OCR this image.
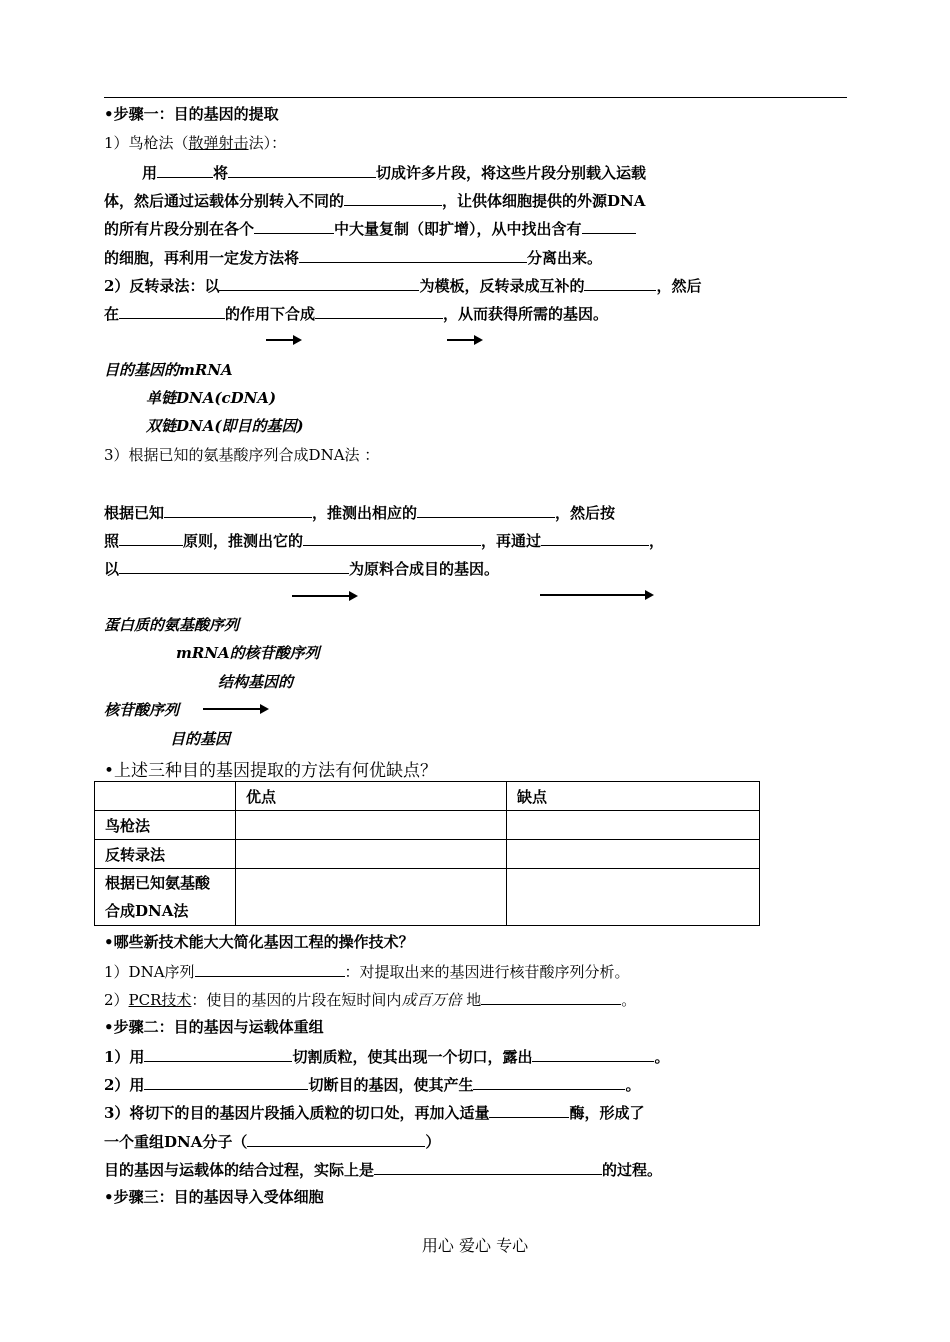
•步骤一：目的基因的提取
1）鸟枪法（散弹射击法）：
用	将	切成许多片段，将这些片段分别载入运载
体，然后通过运载体分别转入不同的	，让供体细胞提供的外源DNA
的所有片段分别在各个	中大量复制（即扩增），从中找出含有
的细胞，再利用一定发方法将	分离出来。
2）反转录法：以	为模板，反转录成互补的	，然后
在	的作用下合成	，从而获得所需的基因。
目的基因的mRNA
单链DNA(cDNA)
双链DNA(即目的基因)
3）根据已知的氨基酸序列合成DNA法 ：
根据已知	，推测出相应的	，然后按
照	原则，推测出它的	，再通过	，
以	为原料合成目的基因。
蛋白质的氨基酸序列
mRNA的核苷酸序列
结构基因的
核苷酸序列
目的基因
•上述三种目的基因提取的方法有何优缺点？
	优点	缺点
鸟枪法		
反转录法		
根据已知氨基酸
合成DNA法		
•哪些新技术能大大简化基因工程的操作技术？
1）DNA序列	：对提取出来的基因进行核苷酸序列分析。
2）PCR技术：使目的基因的片段在短时间内成百万倍 地	。
•步骤二：目的基因与运载体重组
1）用	切割质粒，使其出现一个切口，露出	。
2）用	切断目的基因，使其产生	。
3）将切下的目的基因片段插入质粒的切口处，再加入适量	酶，形成了
一个重组DNA分子（	）
目的基因与运载体的结合过程，实际上是	的过程。
•步骤三：目的基因导入受体细胞
用心 爱心 专心
